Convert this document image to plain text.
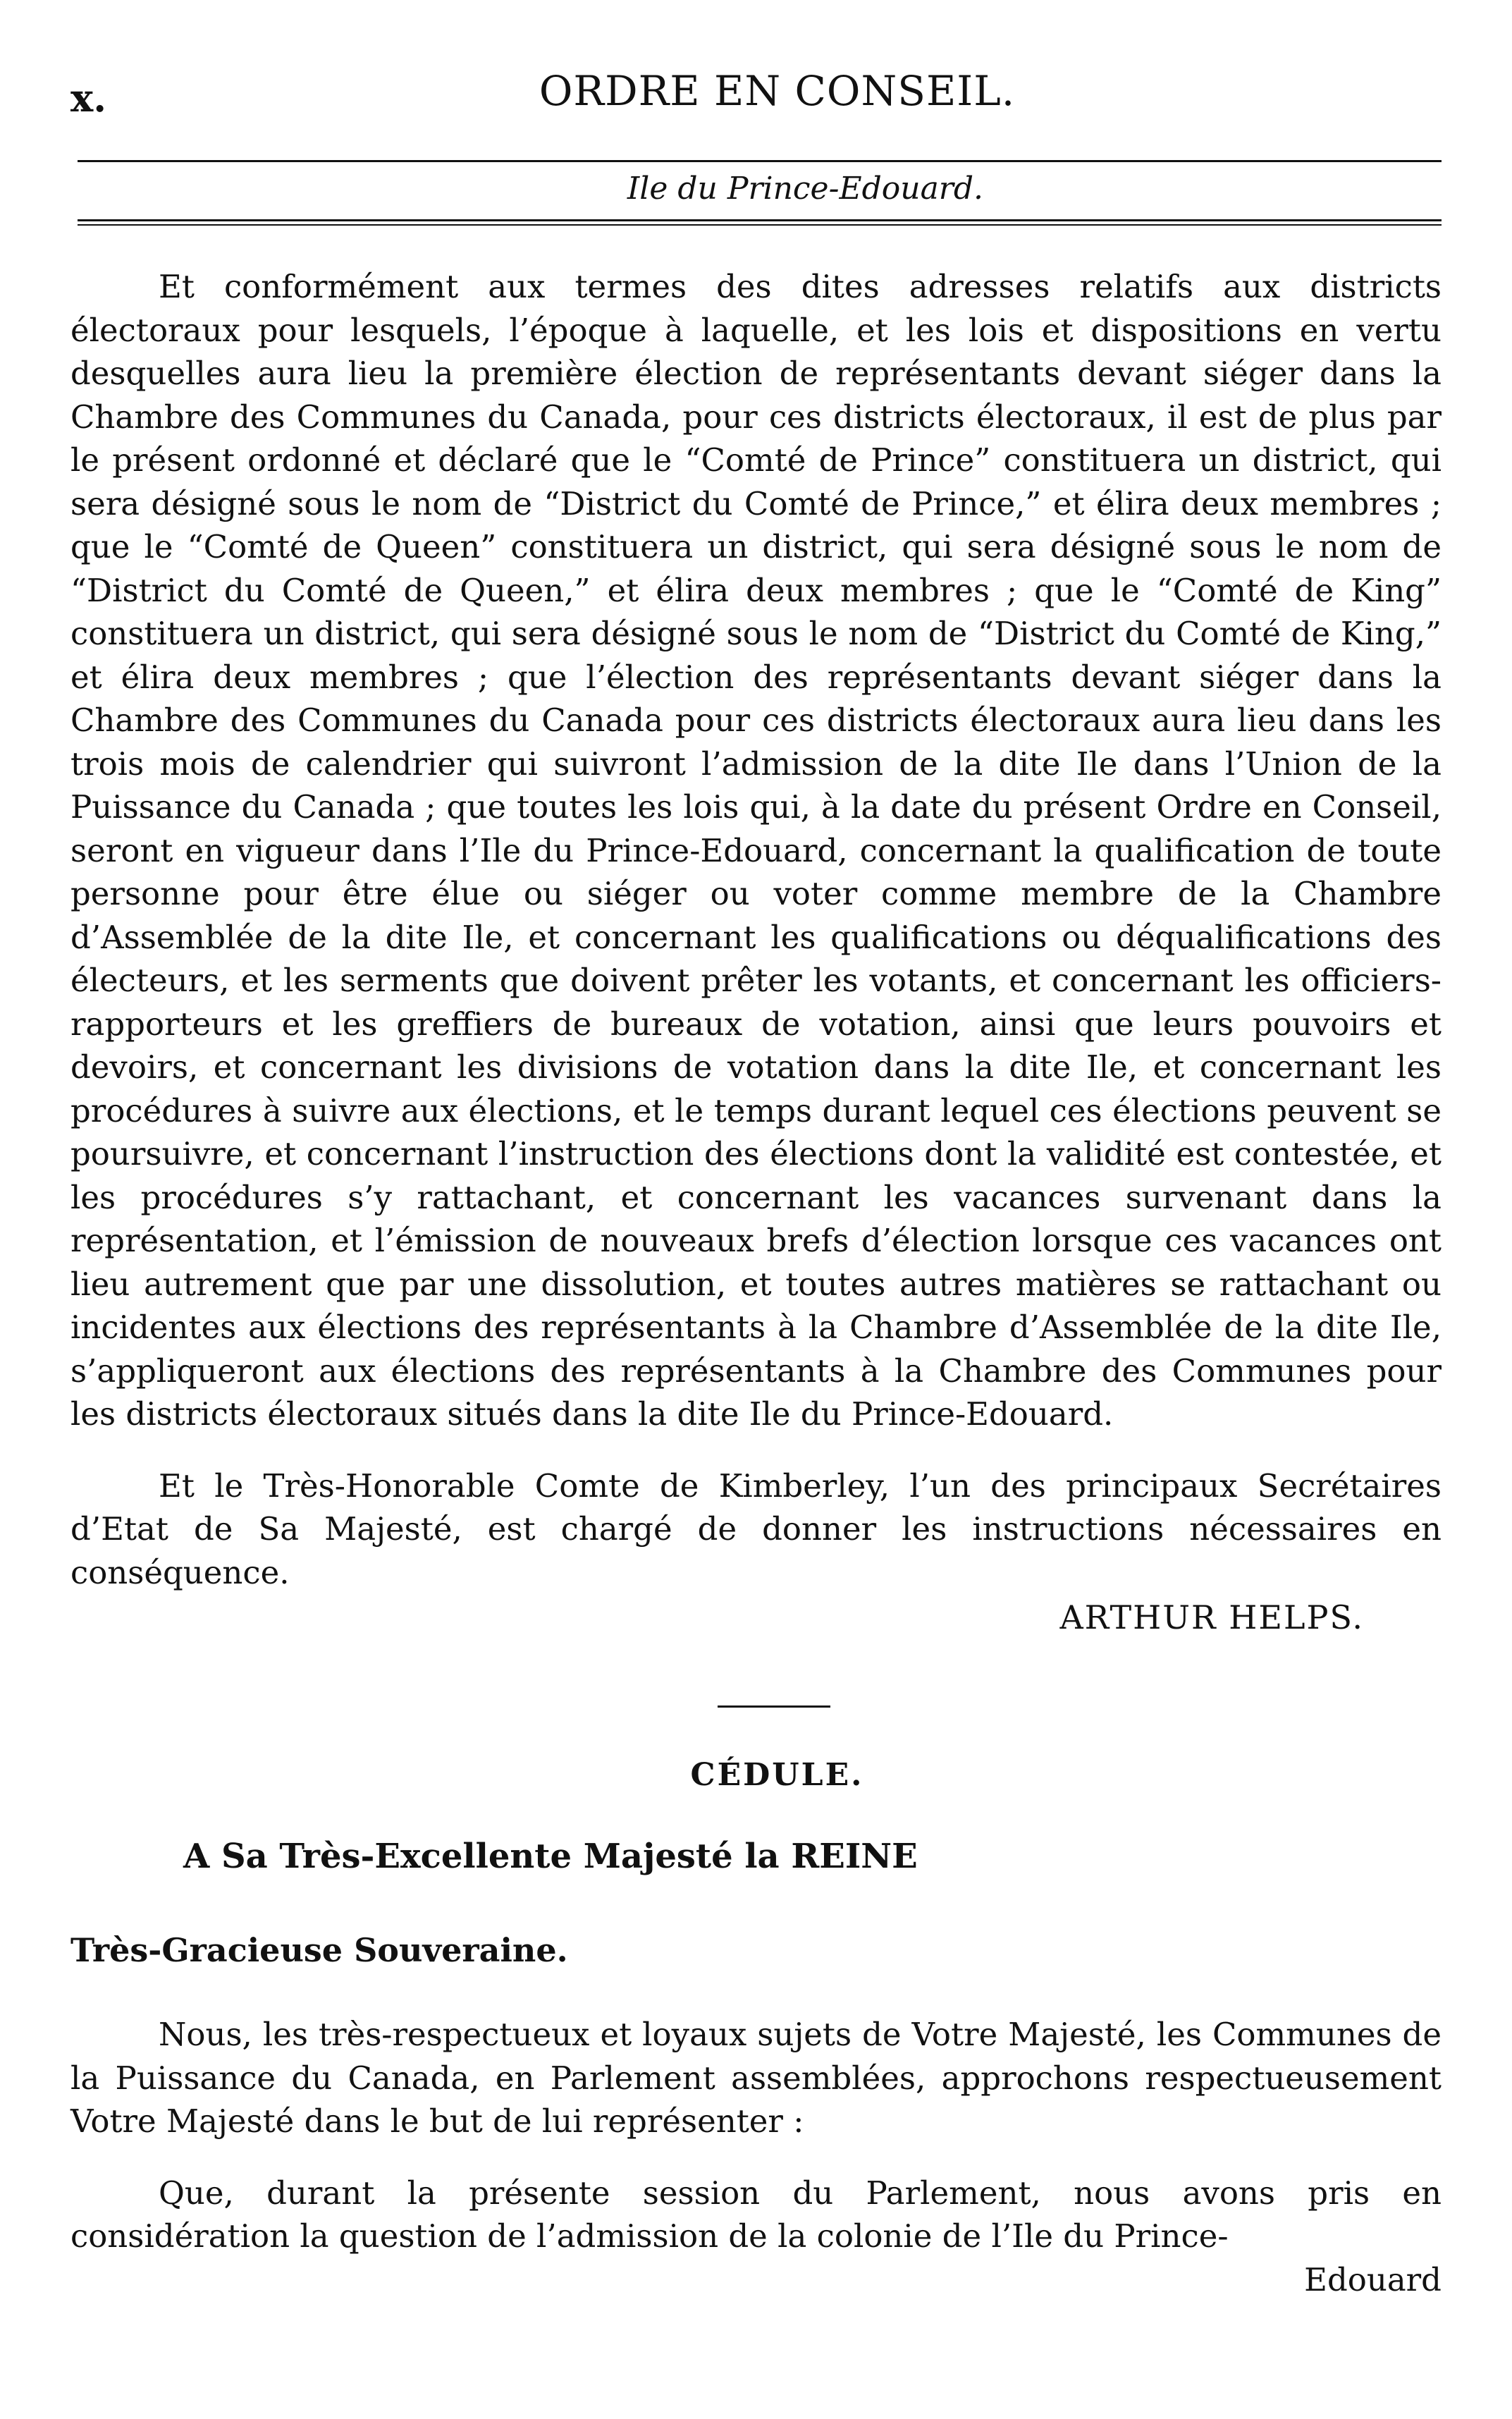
x.	ORDRE EN CONSEIL.
Ile du Prince-Edouard.

Et conformément aux termes des dites adresses relatifs aux districts électoraux pour lesquels, l’époque à laquelle, et les lois et dispositions en vertu desquelles aura lieu la première élection de représentants devant siéger dans la Chambre des Communes du Canada, pour ces districts électoraux, il est de plus par le présent ordonné et déclaré que le “Comté de Prince” constituera un district, qui sera désigné sous le nom de “District du Comté de Prince,” et élira deux membres ; que le “Comté de Queen” constituera un district, qui sera désigné sous le nom de “District du Comté de Queen,” et élira deux membres ; que le “Comté de King” constituera un district, qui sera désigné sous le nom de “District du Comté de King,” et élira deux membres ; que l’élection des représentants devant siéger dans la Chambre des Communes du Canada pour ces districts électoraux aura lieu dans les trois mois de calendrier qui suivront l’admission de la dite Ile dans l’Union de la Puissance du Canada ; que toutes les lois qui, à la date du présent Ordre en Conseil, seront en vigueur dans l’Ile du Prince-Edouard, concernant la qualification de toute personne pour être élue ou siéger ou voter comme membre de la Chambre d’Assemblée de la dite Ile, et concernant les qualifications ou déqualifications des électeurs, et les serments que doivent prêter les votants, et concernant les officiers-rapporteurs et les greffiers de bureaux de votation, ainsi que leurs pouvoirs et devoirs, et concernant les divisions de votation dans la dite Ile, et concernant les procédures à suivre aux élections, et le temps durant lequel ces élections peuvent se poursuivre, et concernant l’instruction des élections dont la validité est contestée, et les procédures s’y rattachant, et concernant les vacances survenant dans la représentation, et l’émission de nouveaux brefs d’élection lorsque ces vacances ont lieu autrement que par une dissolution, et toutes autres matières se rattachant ou incidentes aux élections des représentants à la Chambre d’Assemblée de la dite Ile, s’appliqueront aux élections des représentants à la Chambre des Communes pour les districts électoraux situés dans la dite Ile du Prince-Edouard.

Et le Très-Honorable Comte de Kimberley, l’un des principaux Secrétaires d’Etat de Sa Majesté, est chargé de donner les instructions nécessaires en conséquence.

ARTHUR HELPS.
CÉDULE.
A Sa Très-Excellente Majesté la REINE
Très-Gracieuse Souveraine.

Nous, les très-respectueux et loyaux sujets de Votre Majesté, les Communes de la Puissance du Canada, en Parlement assemblées, approchons respectueusement Votre Majesté dans le but de lui représenter :

Que, durant la présente session du Parlement, nous avons pris en considération la question de l’admission de la colonie de l’Ile du Prince-

Edouard
